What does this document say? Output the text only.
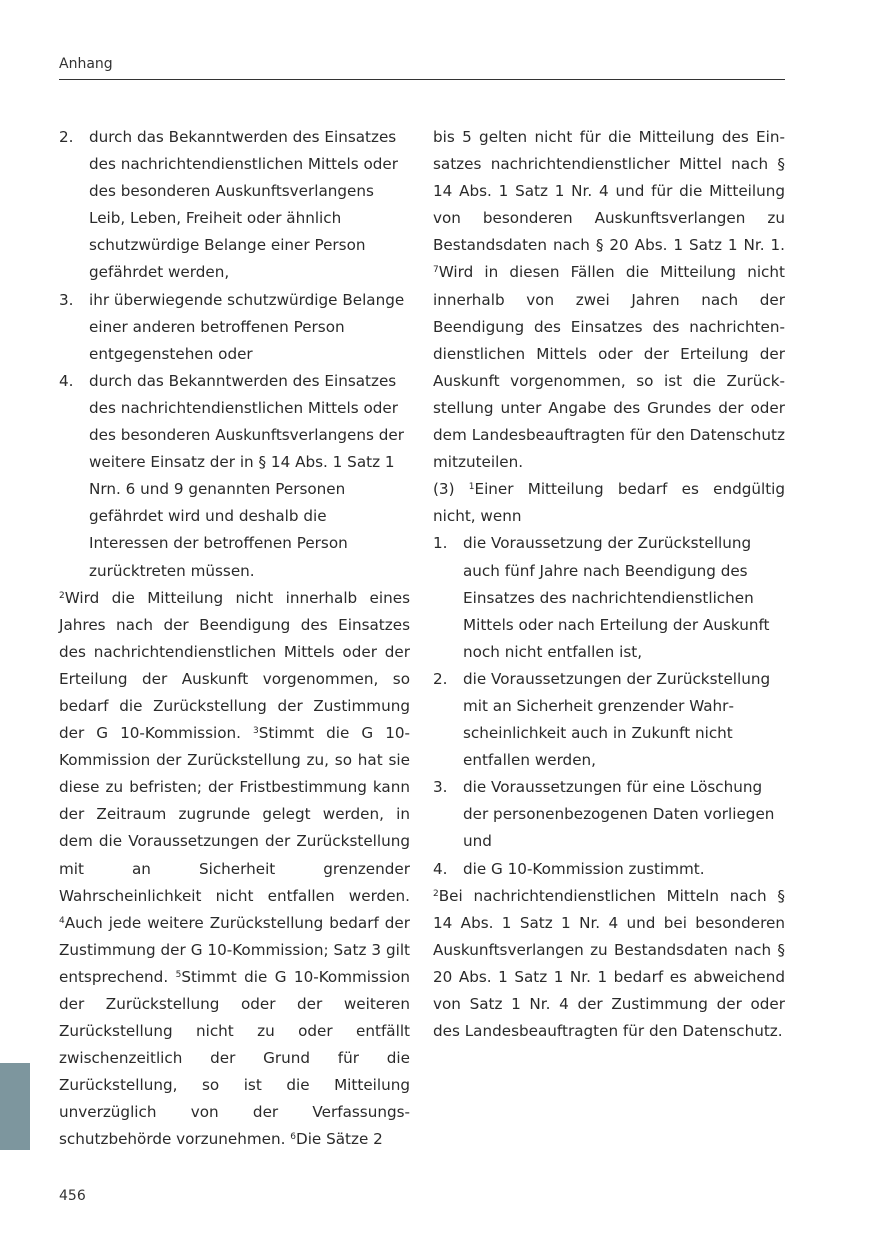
Anhang
2. durch das Bekanntwerden des Einsatzes des nachrichtendienstlichen Mittels oder des besonderen Auskunftsverlangens Leib, Leben, Freiheit oder ähnlich schutzwürdige Belange einer Person gefährdet werden,
3. ihr überwiegende schutzwürdige Belange einer anderen betroffenen Person entgegenstehen oder
4. durch das Bekanntwerden des Einsatzes des nachrichtendienstlichen Mittels oder des besonderen Auskunftsverlangens der weitere Einsatz der in § 14 Abs. 1 Satz 1 Nrn. 6 und 9 genannten Personen gefährdet wird und deshalb die Interessen der betroffenen Person zurücktreten müssen.
$^2$Wird die Mitteilung nicht innerhalb eines Jahres nach der Beendigung des Einsatzes des nachrichtendienstlichen Mittels oder der Erteilung der Auskunft vorgenommen, so bedarf die Zurückstellung der Zustimmung der G 10-Kommission. $^3$Stimmt die G 10-Kommission der Zurückstellung zu, so hat sie diese zu befristen; der Fristbestimmung kann der Zeitraum zugrunde gelegt werden, in dem die Voraussetzungen der Zurückstellung mit an Sicherheit grenzender Wahrscheinlichkeit nicht entfallen werden. $^4$Auch jede weitere Zurückstellung bedarf der Zustimmung der G 10-Kommission; Satz 3 gilt entsprechend. $^5$Stimmt die G 10-Kommission der Zurückstellung oder der weiteren Zurückstellung nicht zu oder entfällt zwischenzeitlich der Grund für die Zurückstellung, so ist die Mitteilung unverzüglich von der Verfassungsschutzbehörde vorzunehmen. $^6$Die Sätze 2
bis 5 gelten nicht für die Mitteilung des Einsatzes nachrichtendienstlicher Mittel nach § 14 Abs. 1 Satz 1 Nr. 4 und für die Mitteilung von besonderen Auskunftsverlangen zu Bestandsdaten nach § 20 Abs. 1 Satz 1 Nr. 1. $^7$Wird in diesen Fällen die Mitteilung nicht innerhalb von zwei Jahren nach der Beendigung des Einsatzes des nachrichtendienstlichen Mittels oder der Erteilung der Auskunft vorgenommen, so ist die Zurückstellung unter Angabe des Grundes der oder dem Landesbeauftragten für den Datenschutz mitzuteilen.
(3) $^1$Einer Mitteilung bedarf es endgültig nicht, wenn
1. die Voraussetzung der Zurückstellung auch fünf Jahre nach Beendigung des Einsatzes des nachrichtendienstlichen Mittels oder nach Erteilung der Auskunft noch nicht entfallen ist,
2. die Voraussetzungen der Zurückstellung mit an Sicherheit grenzender Wahrscheinlichkeit auch in Zukunft nicht entfallen werden,
3. die Voraussetzungen für eine Löschung der personenbezogenen Daten vorliegen und
4. die G 10-Kommission zustimmt.
$^2$Bei nachrichtendienstlichen Mitteln nach § 14 Abs. 1 Satz 1 Nr. 4 und bei besonderen Auskunftsverlangen zu Bestandsdaten nach § 20 Abs. 1 Satz 1 Nr. 1 bedarf es abweichend von Satz 1 Nr. 4 der Zustimmung der oder des Landesbeauftragten für den Datenschutz.
456
